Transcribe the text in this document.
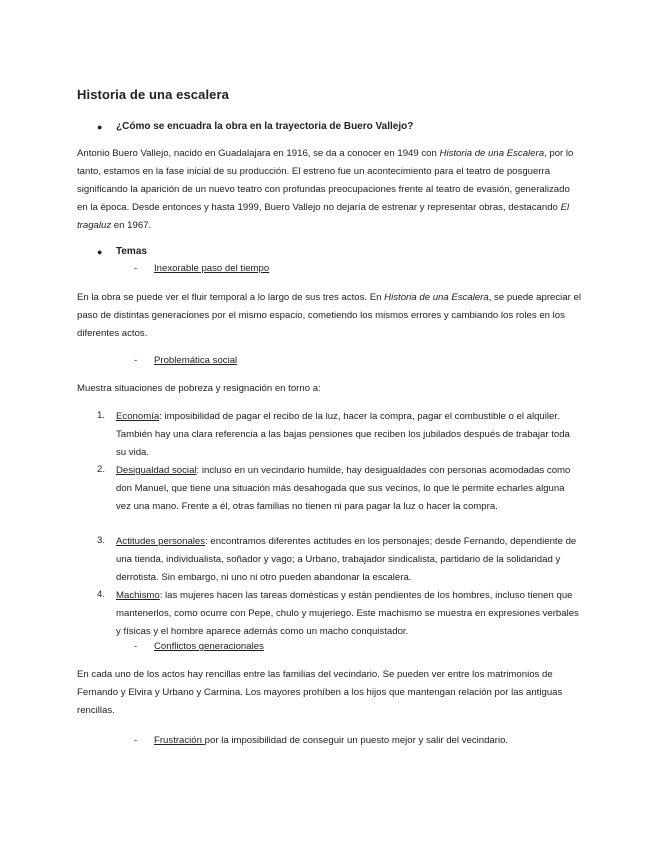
Historia de una escalera
● ¿Cómo se encuadra la obra en la trayectoria de Buero Vallejo?
Antonio Buero Vallejo, nacido en Guadalajara en 1916, se da a conocer en 1949 con Historia de una Escalera, por lo tanto, estamos en la fase inicial de su producción. El estreno fue un acontecimiento para el teatro de posguerra significando la aparición de un nuevo teatro con profundas preocupaciones frente al teatro de evasión, generalizado en la época. Desde entonces y hasta 1999, Buero Vallejo no dejaría de estrenar y representar obras, destacando El tragaluz en 1967.
● Temas
- Inexorable paso del tiempo
En la obra se puede ver el fluir temporal a lo largo de sus tres actos. En Historia de una Escalera, se puede apreciar el paso de distintas generaciones por el mismo espacio, cometiendo los mismos errores y cambiando los roles en los diferentes actos.
- Problemática social
Muestra situaciones de pobreza y resignación en torno a:
1. Economía: imposibilidad de pagar el recibo de la luz, hacer la compra, pagar el combustible o el alquiler. También hay una clara referencia a las bajas pensiones que reciben los jubilados después de trabajar toda su vida.
2. Desigualdad social: incluso en un vecindario humilde, hay desigualdades con personas acomodadas como don Manuel, que tiene una situación más desahogada que sus vecinos, lo que le permite echarles alguna vez una mano. Frente a él, otras familias no tienen ni para pagar la luz o hacer la compra.
3. Actitudes personales: encontramos diferentes actitudes en los personajes; desde Fernando, dependiente de una tienda, individualista, soñador y vago; a Urbano, trabajador sindicalista, partidario de la solidaridad y derrotista. Sin embargo, ni uno ni otro pueden abandonar la escalera.
4. Machismo: las mujeres hacen las tareas domésticas y están pendientes de los hombres, incluso tienen que mantenerlos, como ocurre con Pepe, chulo y mujeriego. Este machismo se muestra en expresiones verbales y físicas y el hombre aparece además como un macho conquistador.
- Conflictos generacionales
En cada uno de los actos hay rencillas entre las familias del vecindario. Se pueden ver entre los matrimonios de Fernando y Elvira y Urbano y Carmina. Los mayores prohíben a los hijos que mantengan relación por las antiguas rencillas.
- Frustración por la imposibilidad de conseguir un puesto mejor y salir del vecindario.
